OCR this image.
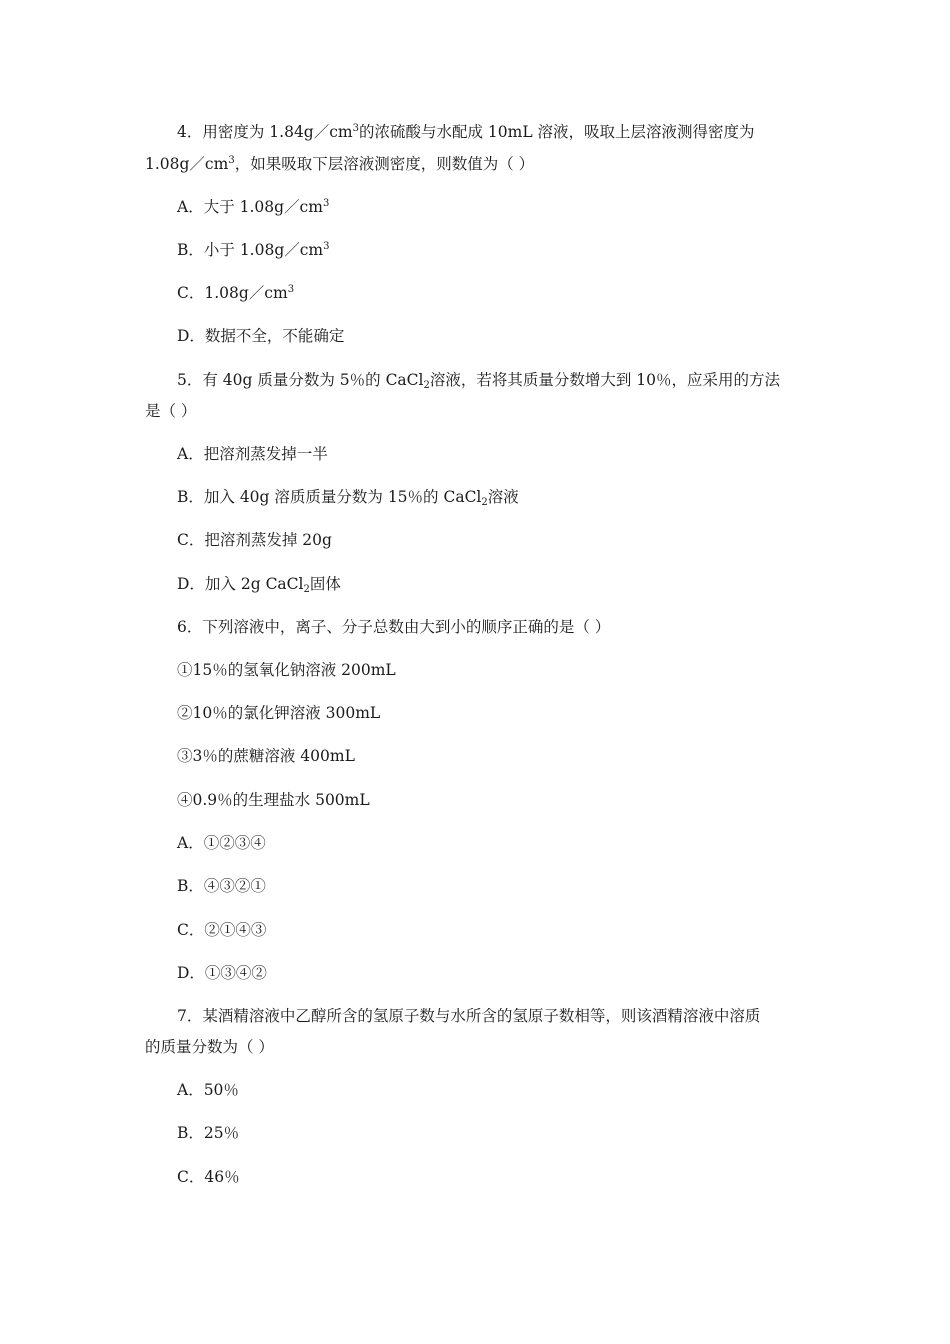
4．用密度为 $1.84g/cm^3$的浓硫酸与水配成 10mL 溶液，吸取上层溶液测得密度为
$1.08g/cm^3$，如果吸取下层溶液测密度，则数值为（ ）
A．大于 $1.08g/cm^3$
B．小于 $1.08g/cm^3$
C．$1.08g/cm^3$
D．数据不全，不能确定
5．有 40g 质量分数为 5％的 CaCl$_2$溶液，若将其质量分数增大到 10％，应采用的方法
是（ ）
A．把溶剂蒸发掉一半
B．加入 40g 溶质质量分数为 15％的 CaCl$_2$溶液
C．把溶剂蒸发掉 20g
D．加入 2g CaCl$_2$固体
6．下列溶液中，离子、分子总数由大到小的顺序正确的是（ ）
①15％的氢氧化钠溶液 200mL
②10％的氯化钾溶液 300mL
③3％的蔗糖溶液 400mL
④0.9％的生理盐水 500mL
A．①②③④
B．④③②①
C．②①④③
D．①③④②
7．某酒精溶液中乙醇所含的氢原子数与水所含的氢原子数相等，则该酒精溶液中溶质
的质量分数为（ ）
A．50％
B．25％
C．46％
